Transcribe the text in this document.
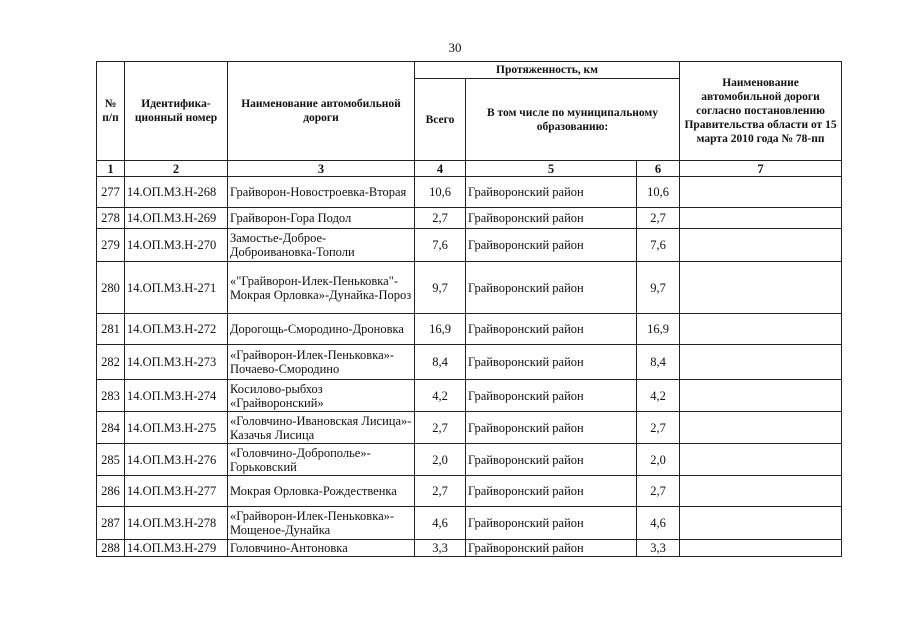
30
№ п/п	Идентифика- ционный номер	Наименование автомобильной дороги	Протяженность, км			Наименование автомобильной дороги согласно постановлению Правительства области от 15 марта 2010 года № 78-пп
			Всего	В том числе по муниципальному образованию:		
1	2	3	4	5	6	7
277	14.ОП.МЗ.Н-268	Грайворон-Новостроевка-Вторая	10,6	Грайворонский район	10,6	
278	14.ОП.МЗ.Н-269	Грайворон-Гора Подол	2,7	Грайворонский район	2,7	
279	14.ОП.МЗ.Н-270	Замостье-Доброе-Доброивановка-Тополи	7,6	Грайворонский район	7,6	
280	14.ОП.МЗ.Н-271	«"Грайворон-Илек-Пеньковка"-Мокрая Орловка»-Дунайка-Пороз	9,7	Грайворонский район	9,7	
281	14.ОП.МЗ.Н-272	Дорогощь-Смородино-Дроновка	16,9	Грайворонский район	16,9	
282	14.ОП.МЗ.Н-273	«Грайворон-Илек-Пеньковка»-Почаево-Смородино	8,4	Грайворонский район	8,4	
283	14.ОП.МЗ.Н-274	Косилово-рыбхоз «Грайворонский»	4,2	Грайворонский район	4,2	
284	14.ОП.МЗ.Н-275	«Головчино-Ивановская Лисица»-Казачья Лисица	2,7	Грайворонский район	2,7	
285	14.ОП.МЗ.Н-276	«Головчино-Доброполье»-Горьковский	2,0	Грайворонский район	2,0	
286	14.ОП.МЗ.Н-277	Мокрая Орловка-Рождественка	2,7	Грайворонский район	2,7	
287	14.ОП.МЗ.Н-278	«Грайворон-Илек-Пеньковка»-Мощеное-Дунайка	4,6	Грайворонский район	4,6	
288	14.ОП.МЗ.Н-279	Головчино-Антоновка	3,3	Грайворонский район	3,3	
